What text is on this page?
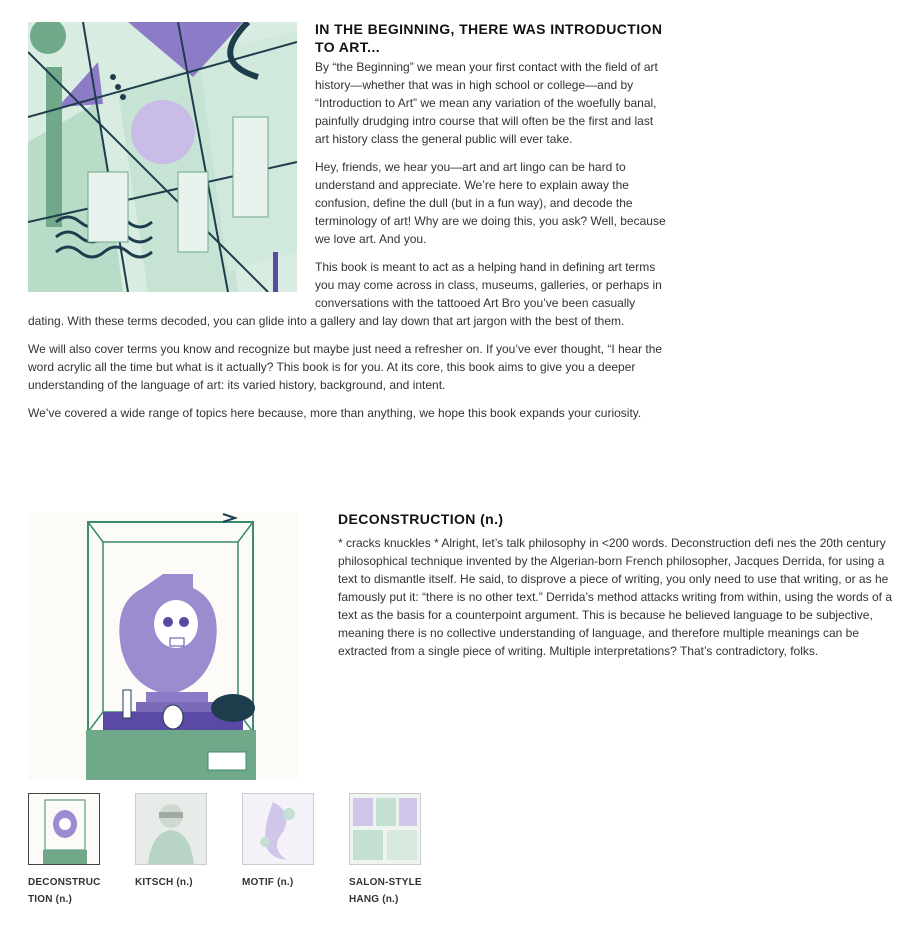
IN THE BEGINNING, THERE WAS INTRODUCTION TO ART...

By “the Beginning” we mean your first contact with the field of art history—whether that was in high school or college—and by “Introduction to Art” we mean any variation of the woefully banal, painfully drudging intro course that will often be the first and last art history class the general public will ever take.

Hey, friends, we hear you—art and art lingo can be hard to understand and appreciate. We’re here to explain away the confusion, define the dull (but in a fun way), and decode the terminology of art! Why are we doing this, you ask? Well, because we love art. And you.

This book is meant to act as a helping hand in defining art terms you may come across in class, museums, galleries, or perhaps in conversations with the tattooed Art Bro you’ve been casually dating. With these terms decoded, you can glide into a gallery and lay down that art jargon with the best of them.

We will also cover terms you know and recognize but maybe just need a refresher on. If you’ve ever thought, “I hear the word acrylic all the time but what is it actually? This book is for you. At its core, this book aims to give you a deeper understanding of the language of art: its varied history, background, and intent.

We’ve covered a wide range of topics here because, more than anything, we hope this book expands your curiosity.

DECONSTRUCTION (n.)

* cracks knuckles * Alright, let’s talk philosophy in <200 words. Deconstruction defi nes the 20th century philosophical technique invented by the Algerian-born French philosopher, Jacques Derrida, for using a text to dismantle itself. He said, to disprove a piece of writing, you only need to use that writing, or as he famously put it: “there is no other text.” Derrida’s method attacks writing from within, using the words of a text as the basis for a counterpoint argument. This is because he believed language to be subjective, meaning there is no collective understanding of language, and therefore multiple meanings can be extracted from a single piece of writing. Multiple interpretations? That’s contradictory, folks.

DECONSTRUC TION (n.)
KITSCH (n.)	MOTIF (n.)	SALON-STYLE HANG (n.)
